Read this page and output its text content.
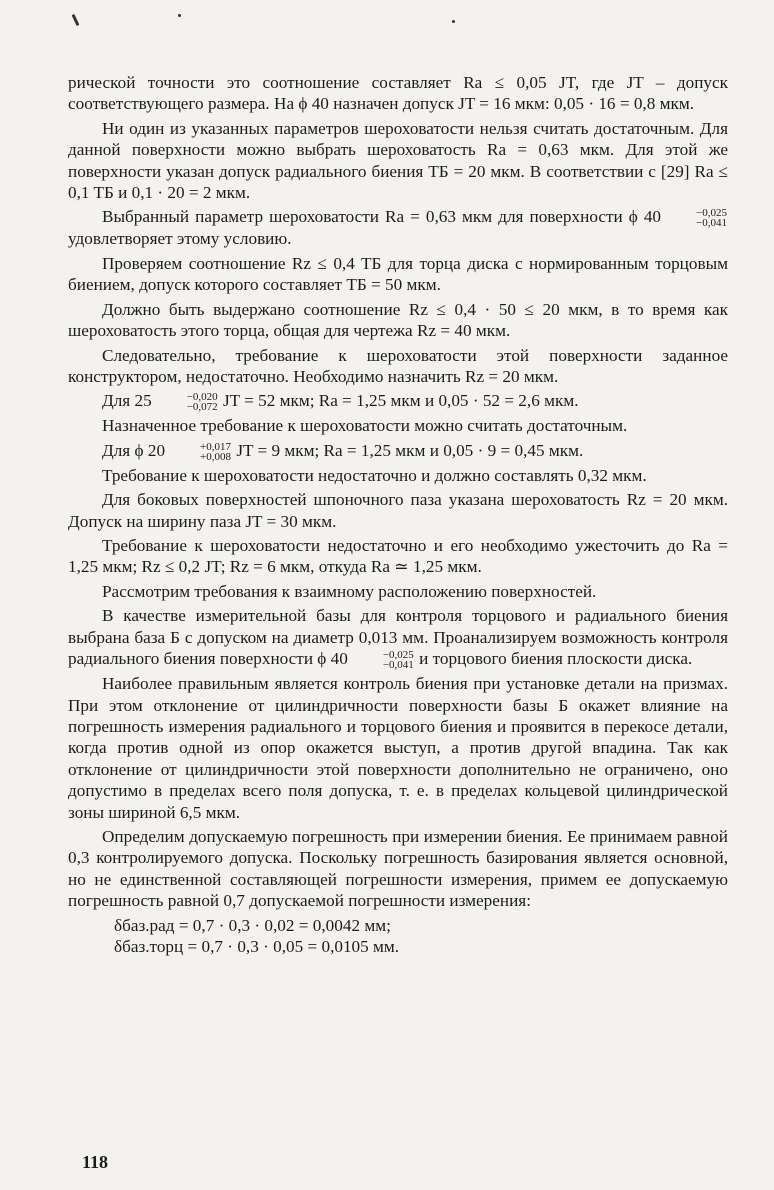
рической точности это соотношение составляет Ra ≤ 0,05 JT, где JT – допуск соответствующего размера. На ϕ 40 назначен допуск JT = 16 мкм: 0,05 · 16 = 0,8 мкм.

Ни один из указанных параметров шероховатости нельзя считать достаточным. Для данной поверхности можно выбрать шероховатость Ra = 0,63 мкм. Для этой же поверхности указан допуск радиального биения TБ = 20 мкм. В соответствии с [29] Ra ≤ 0,1 TБ и 0,1 · 20 = 2 мкм.

Выбранный параметр шероховатости Ra = 0,63 мкм для поверхности ϕ 40	−0,025
−0,041
удовлетворяет этому условию.

Проверяем соотношение Rz ≤ 0,4 TБ для торца диска с нормированным торцовым биением, допуск которого составляет TБ = 50 мкм.

Должно быть выдержано соотношение Rz ≤ 0,4 · 50 ≤ 20 мкм, в то время как шероховатость этого торца, общая для чертежа Rz = 40 мкм.

Следовательно, требование к шероховатости этой поверхности заданное конструктором, недостаточно. Необходимо назначить Rz = 20 мкм.

Для 25	−0,020
−0,072 JT = 52 мкм; Ra = 1,25 мкм и 0,05 · 52 = 2,6 мкм.

Назначенное требование к шероховатости можно считать достаточным.

Для ϕ 20	+0,017
+0,008 JT = 9 мкм; Ra = 1,25 мкм и 0,05 · 9 = 0,45 мкм.

Требование к шероховатости недостаточно и должно составлять 0,32 мкм.

Для боковых поверхностей шпоночного паза указана шероховатость Rz = 20 мкм. Допуск на ширину паза JT = 30 мкм.

Требование к шероховатости недостаточно и его необходимо ужесточить до Ra = 1,25 мкм; Rz ≤ 0,2 JT; Rz = 6 мкм, откуда Ra ≃ 1,25 мкм.

Рассмотрим требования к взаимному расположению поверхностей.

В качестве измерительной базы для контроля торцового и радиального биения выбрана база Б с допуском на диаметр 0,013 мм. Проанализируем возможность контроля радиального биения поверхности ϕ 40	−0,025
−0,041 и торцового биения плоскости диска.

Наиболее правильным является контроль биения при установке детали на призмах. При этом отклонение от цилиндричности поверхности базы Б окажет влияние на погрешность измерения радиального и торцового биения и проявится в перекосе детали, когда против одной из опор окажется выступ, а против другой впадина. Так как отклонение от цилиндричности этой поверхности дополнительно не ограничено, оно допустимо в пределах всего поля допуска, т. е. в пределах кольцевой цилиндрической зоны шириной 6,5 мкм.

Определим допускаемую погрешность при измерении биения. Ее принимаем равной 0,3 контролируемого допуска. Поскольку погрешность базирования является основной, но не единственной составляющей погрешности измерения, примем ее допускаемую погрешность равной 0,7 допускаемой погрешности измерения:

δбаз.рад = 0,7 · 0,3 · 0,02 = 0,0042 мм;

δбаз.торц = 0,7 · 0,3 · 0,05 = 0,0105 мм.

118
